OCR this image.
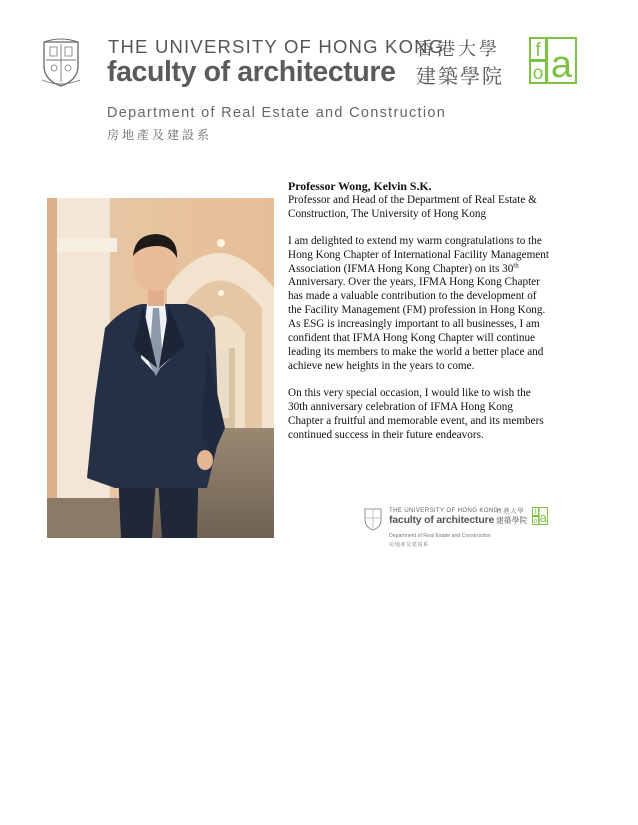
THE UNIVERSITY OF HONG KONG
香港大學
faculty of architecture 建築學院
f
o a
Department of Real Estate and Construction
房地產及建設系
Professor Wong, Kelvin S.K.
Professor and Head of the Department of Real Estate & Construction, The University of Hong Kong

I am delighted to extend my warm congratulations to the Hong Kong Chapter of International Facility Management Association (IFMA Hong Kong Chapter) on its 30th Anniversary. Over the years, IFMA Hong Kong Chapter has made a valuable contribution to the development of the Facility Management (FM) profession in Hong Kong. As ESG is increasingly important to all businesses, I am confident that IFMA Hong Kong Chapter will continue leading its members to make the world a better place and achieve new heights in the years to come.

On this very special occasion, I would like to wish the 30th anniversary celebration of IFMA Hong Kong Chapter a fruitful and memorable event, and its members continued success in their future endeavors.

f
o a
THE UNIVERSITY OF HONG KONG
香港大學
faculty of architecture 建築學院
Department of Real Estate and Construction
房地產及建設系
